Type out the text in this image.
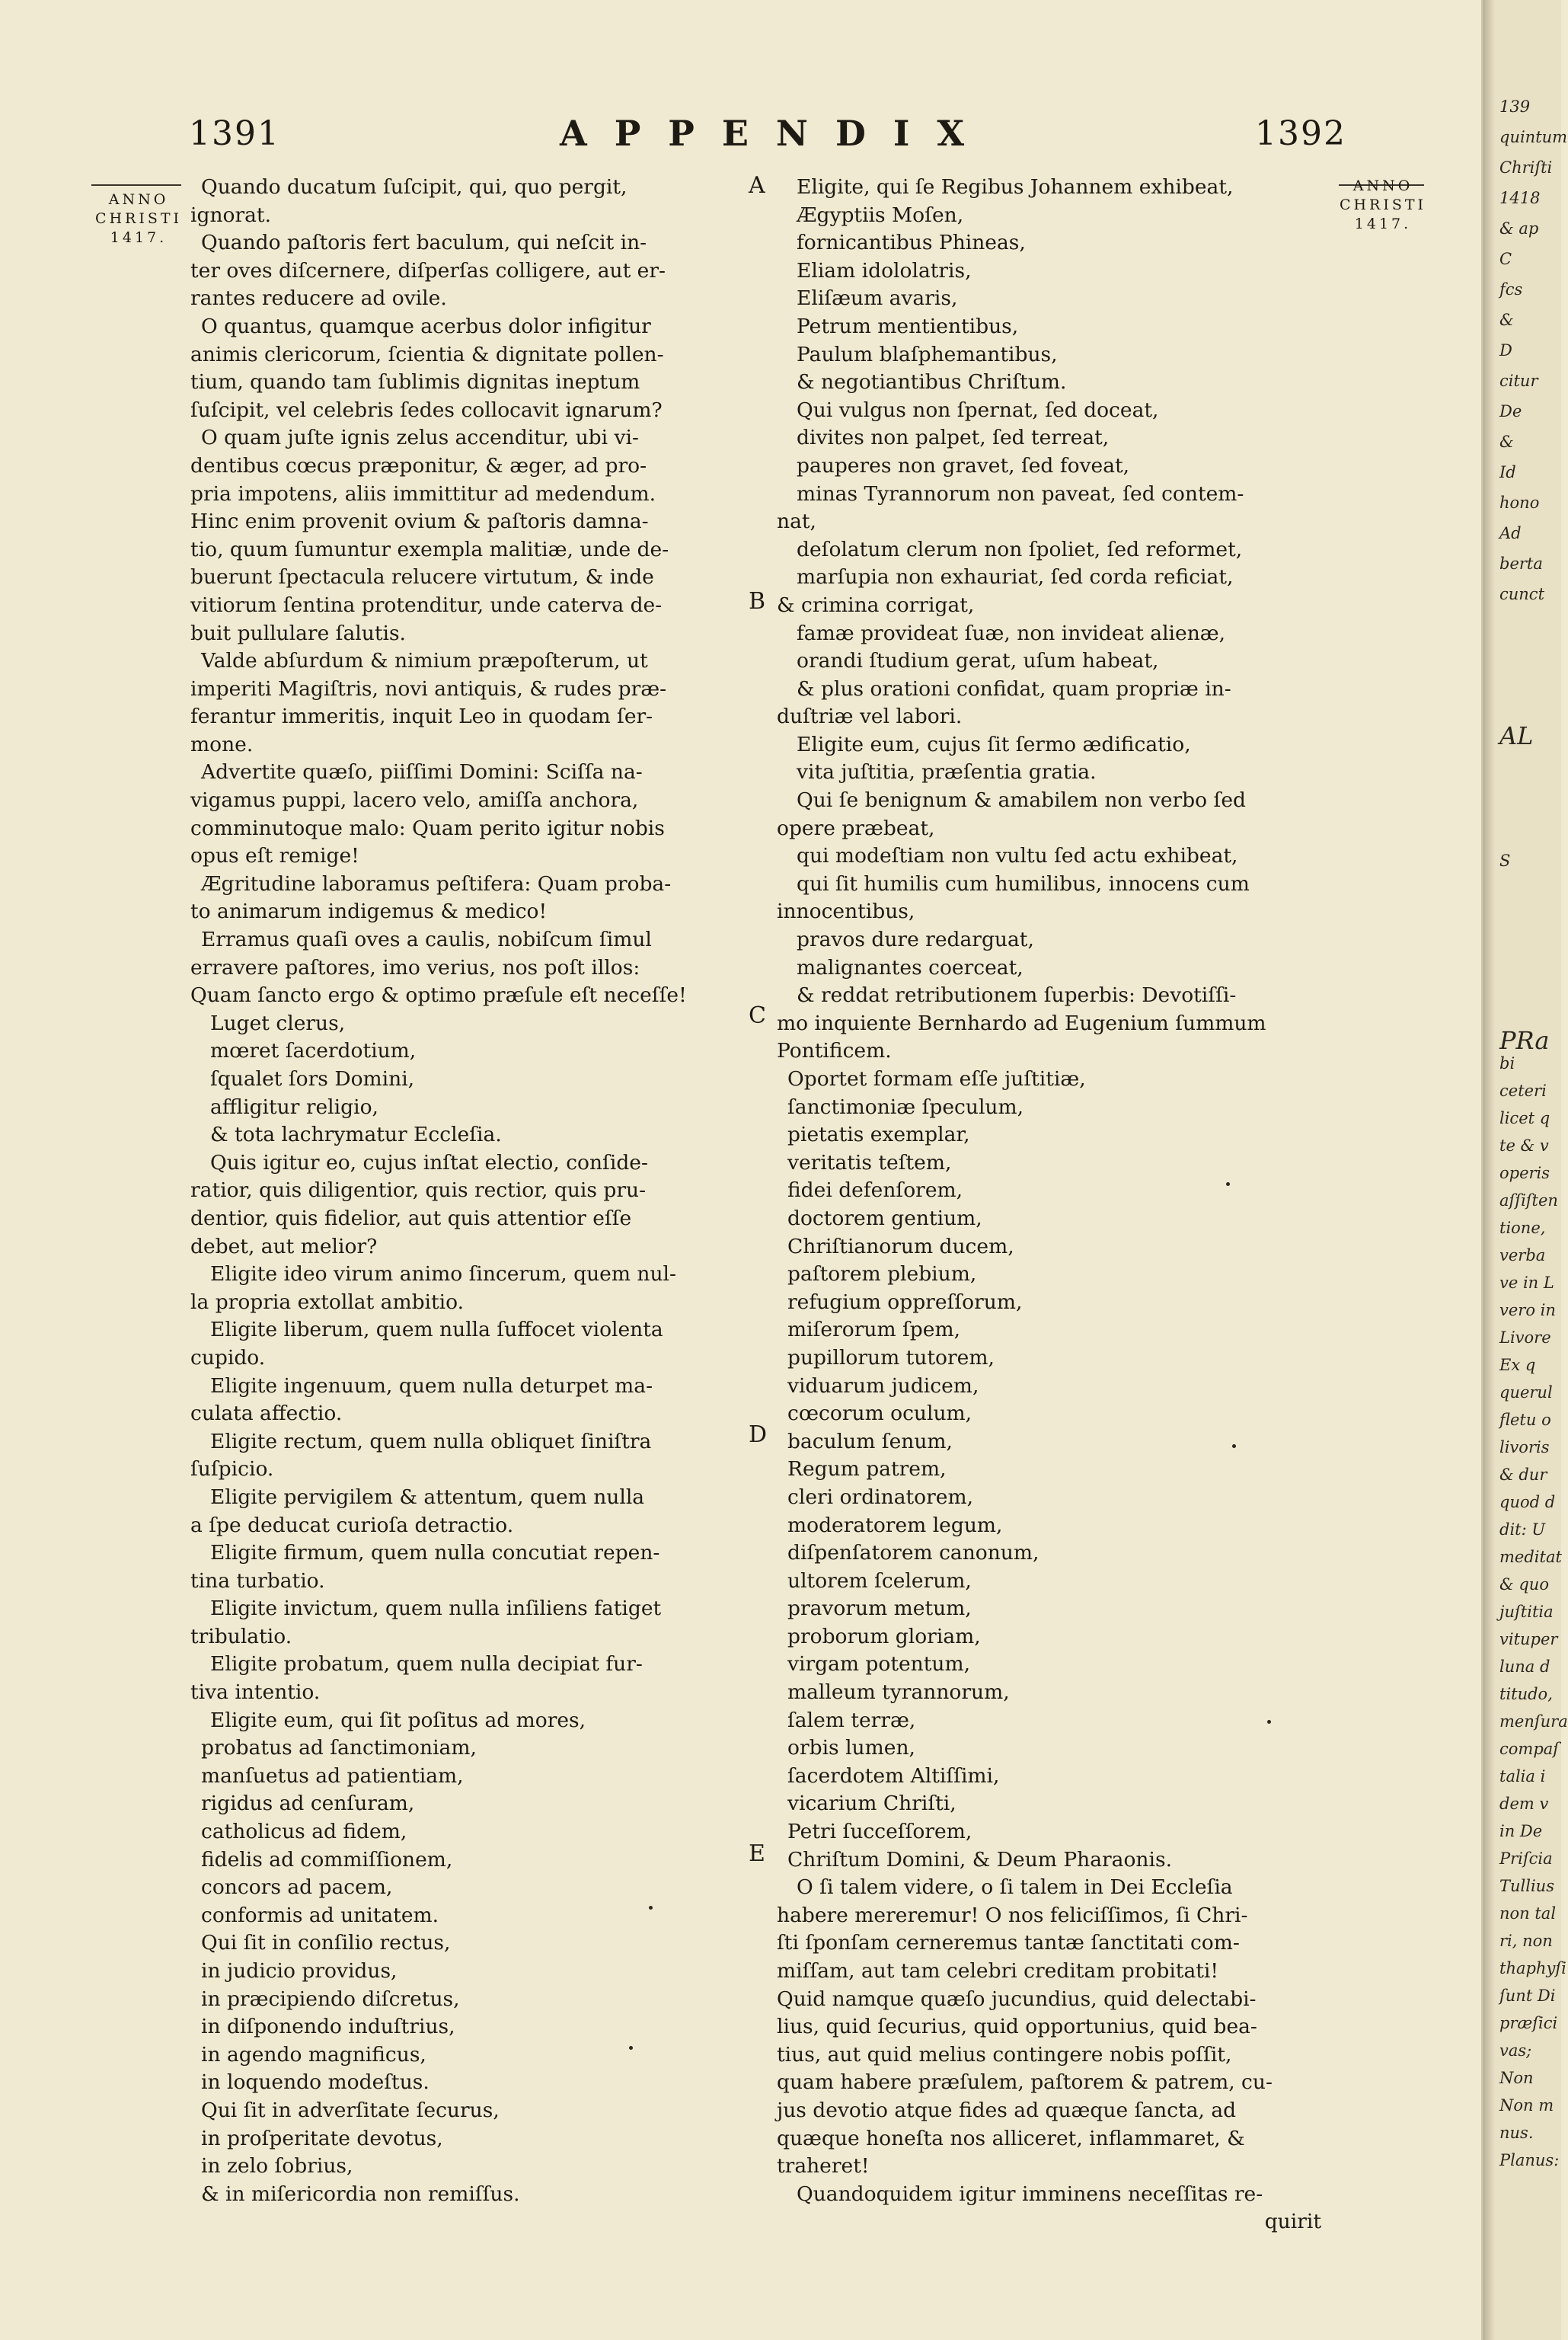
1391	APPENDIX	1392
ANNO
CHRISTI
1417.
ANNO
CHRISTI
1417.
A
B
C
D
E
Quando ducatum ſuſcipit, qui, quo pergit,
ignorat.
Quando paſtoris fert baculum, qui neſcit in-
ter oves diſcernere, diſperſas colligere, aut er-
rantes reducere ad ovile.
O quantus, quamque acerbus dolor infigitur
animis clericorum, ſcientia & dignitate pollen-
tium, quando tam ſublimis dignitas ineptum
ſuſcipit, vel celebris ſedes collocavit ignarum?
O quam juſte ignis zelus accenditur, ubi vi-
dentibus cœcus præponitur, & æger, ad pro-
pria impotens, aliis immittitur ad medendum.
Hinc enim provenit ovium & paſtoris damna-
tio, quum ſumuntur exempla malitiæ, unde de-
buerunt ſpectacula relucere virtutum, & inde
vitiorum ſentina protenditur, unde caterva de-
buit pullulare ſalutis.
Valde abſurdum & nimium præpoſterum, ut
imperiti Magiſtris, novi antiquis, & rudes præ-
ferantur immeritis, inquit Leo in quodam ſer-
mone.
Advertite quæſo, piiſſimi Domini: Sciſſa na-
vigamus puppi, lacero velo, amiſſa anchora,
comminutoque malo: Quam perito igitur nobis
opus eſt remige!
Ægritudine laboramus peſtifera: Quam proba-
to animarum indigemus & medico!
Erramus quaſi oves a caulis, nobiſcum ſimul
erravere paſtores, imo verius, nos poſt illos:
Quam ſancto ergo & optimo præſule eſt neceſſe!
Luget clerus,
mœret ſacerdotium,
ſqualet ſors Domini,
affligitur religio,
& tota lachrymatur Eccleſia.
Quis igitur eo, cujus inſtat electio, conſide-
ratior, quis diligentior, quis rectior, quis pru-
dentior, quis fidelior, aut quis attentior eſſe
debet, aut melior?
Eligite ideo virum animo ſincerum, quem nul-
la propria extollat ambitio.
Eligite liberum, quem nulla ſuffocet violenta
cupido.
Eligite ingenuum, quem nulla deturpet ma-
culata affectio.
Eligite rectum, quem nulla obliquet ſiniſtra
ſuſpicio.
Eligite pervigilem & attentum, quem nulla
a ſpe deducat curioſa detractio.
Eligite firmum, quem nulla concutiat repen-
tina turbatio.
Eligite invictum, quem nulla inſiliens fatiget
tribulatio.
Eligite probatum, quem nulla decipiat fur-
tiva intentio.
Eligite eum, qui ſit poſitus ad mores,
probatus ad ſanctimoniam,
manſuetus ad patientiam,
rigidus ad cenſuram,
catholicus ad fidem,
fidelis ad commiſſionem,
concors ad pacem,
conformis ad unitatem.
Qui ſit in conſilio rectus,
in judicio providus,
in præcipiendo diſcretus,
in diſponendo induſtrius,
in agendo magnificus,
in loquendo modeſtus.
Qui ſit in adverſitate ſecurus,
in proſperitate devotus,
in zelo ſobrius,
& in miſericordia non remiſſus.
Eligite, qui ſe Regibus Johannem exhibeat,
Ægyptiis Moſen,
fornicantibus Phineas,
Eliam idololatris,
Eliſæum avaris,
Petrum mentientibus,
Paulum blaſphemantibus,
& negotiantibus Chriſtum.
Qui vulgus non ſpernat, ſed doceat,
divites non palpet, ſed terreat,
pauperes non gravet, ſed foveat,
minas Tyrannorum non paveat, ſed contem-
nat,
deſolatum clerum non ſpoliet, ſed reformet,
marſupia non exhauriat, ſed corda reficiat,
& crimina corrigat,
famæ provideat ſuæ, non invideat alienæ,
orandi ſtudium gerat, uſum habeat,
& plus orationi confidat, quam propriæ in-
duſtriæ vel labori.
Eligite eum, cujus ſit ſermo ædificatio,
vita juſtitia, præſentia gratia.
Qui ſe benignum & amabilem non verbo ſed
opere præbeat,
qui modeſtiam non vultu ſed actu exhibeat,
qui ſit humilis cum humilibus, innocens cum
innocentibus,
pravos dure redarguat,
malignantes coerceat,
& reddat retributionem ſuperbis: Devotiſſi-
mo inquiente Bernhardo ad Eugenium ſummum
Pontificem.
Oportet formam eſſe juſtitiæ,
ſanctimoniæ ſpeculum,
pietatis exemplar,
veritatis teſtem,
fidei defenſorem,
doctorem gentium,
Chriſtianorum ducem,
paſtorem plebium,
refugium oppreſſorum,
miſerorum ſpem,
pupillorum tutorem,
viduarum judicem,
cœcorum oculum,
baculum ſenum,
Regum patrem,
cleri ordinatorem,
moderatorem legum,
diſpenſatorem canonum,
ultorem ſcelerum,
pravorum metum,
proborum gloriam,
virgam potentum,
malleum tyrannorum,
ſalem terræ,
orbis lumen,
ſacerdotem Altiſſimi,
vicarium Chriſti,
Petri ſucceſſorem,
Chriſtum Domini, & Deum Pharaonis.
O ſi talem videre, o ſi talem in Dei Eccleſia
habere mereremur! O nos feliciſſimos, ſi Chri-
ſti ſponſam cerneremus tantæ ſanctitati com-
miſſam, aut tam celebri creditam probitati!
Quid namque quæſo jucundius, quid delectabi-
lius, quid ſecurius, quid opportunius, quid bea-
tius, aut quid melius contingere nobis poſſit,
quam habere præſulem, paſtorem & patrem, cu-
jus devotio atque fides ad quæque ſancta, ad
quæque honeſta nos alliceret, inflammaret, &
traheret!
Quandoquidem igitur imminens neceſſitas re-
quirit
139
quintum
Chriſti
1418
& ap
C
fcs
&
D
citur
De
&
Id
hono
Ad
berta
cunct
AL
S
PRa
bi
ceteri
licet q
te & v
operis
aſſiſten
tione,
verba
ve in L
vero in
Livore
Ex q
querul
fletu o
livoris
& dur
quod d
dit: U
meditat
& quo
juſtitia
vituper
luna d
titudo,
menſura
compaſ
talia i
dem v
in De
Priſcia
Tullius
non tal
ri, non
thaphyſi
ſunt Di
præſici
vas;
Non
Non m
nus.
Planus:
